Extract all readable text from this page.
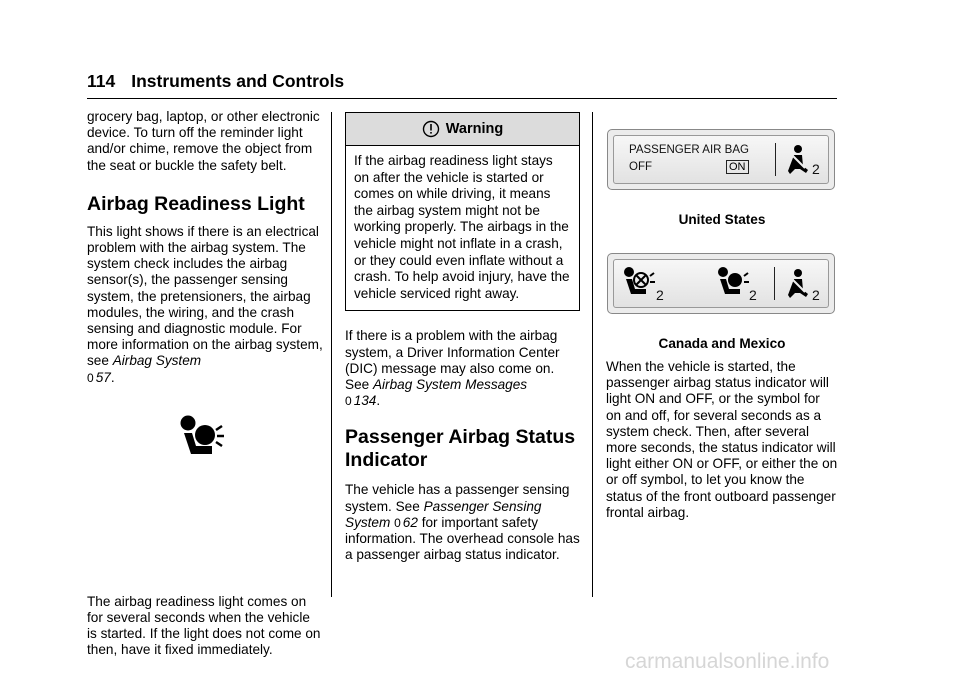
114 Instruments and Controls

grocery bag, laptop, or other electronic device. To turn off the reminder light and/or chime, remove the object from the seat or buckle the safety belt.

Airbag Readiness Light

This light shows if there is an electrical problem with the airbag system. The system check includes the airbag sensor(s), the passenger sensing system, the pretensioners, the airbag modules, the wiring, and the crash sensing and diagnostic module. For more information on the airbag system, see Airbag System
0 57.

The airbag readiness light comes on for several seconds when the vehicle is started. If the light does not come on then, have it fixed immediately.

Warning
If the airbag readiness light stays on after the vehicle is started or comes on while driving, it means the airbag system might not be working properly. The airbags in the vehicle might not inflate in a crash, or they could even inflate without a crash. To help avoid injury, have the vehicle serviced right away.

If there is a problem with the airbag system, a Driver Information Center (DIC) message may also come on. See Airbag System Messages
0 134.

Passenger Airbag Status Indicator

The vehicle has a passenger sensing system. See Passenger Sensing System 0 62 for important safety information. The overhead console has a passenger airbag status indicator.

PASSENGER AIR BAG
OFF	ON	2
United States
2	2	2
Canada and Mexico

When the vehicle is started, the passenger airbag status indicator will light ON and OFF, or the symbol for on and off, for several seconds as a system check. Then, after several more seconds, the status indicator will light either ON or OFF, or either the on or off symbol, to let you know the status of the front outboard passenger frontal airbag.

carmanualsonline.info
